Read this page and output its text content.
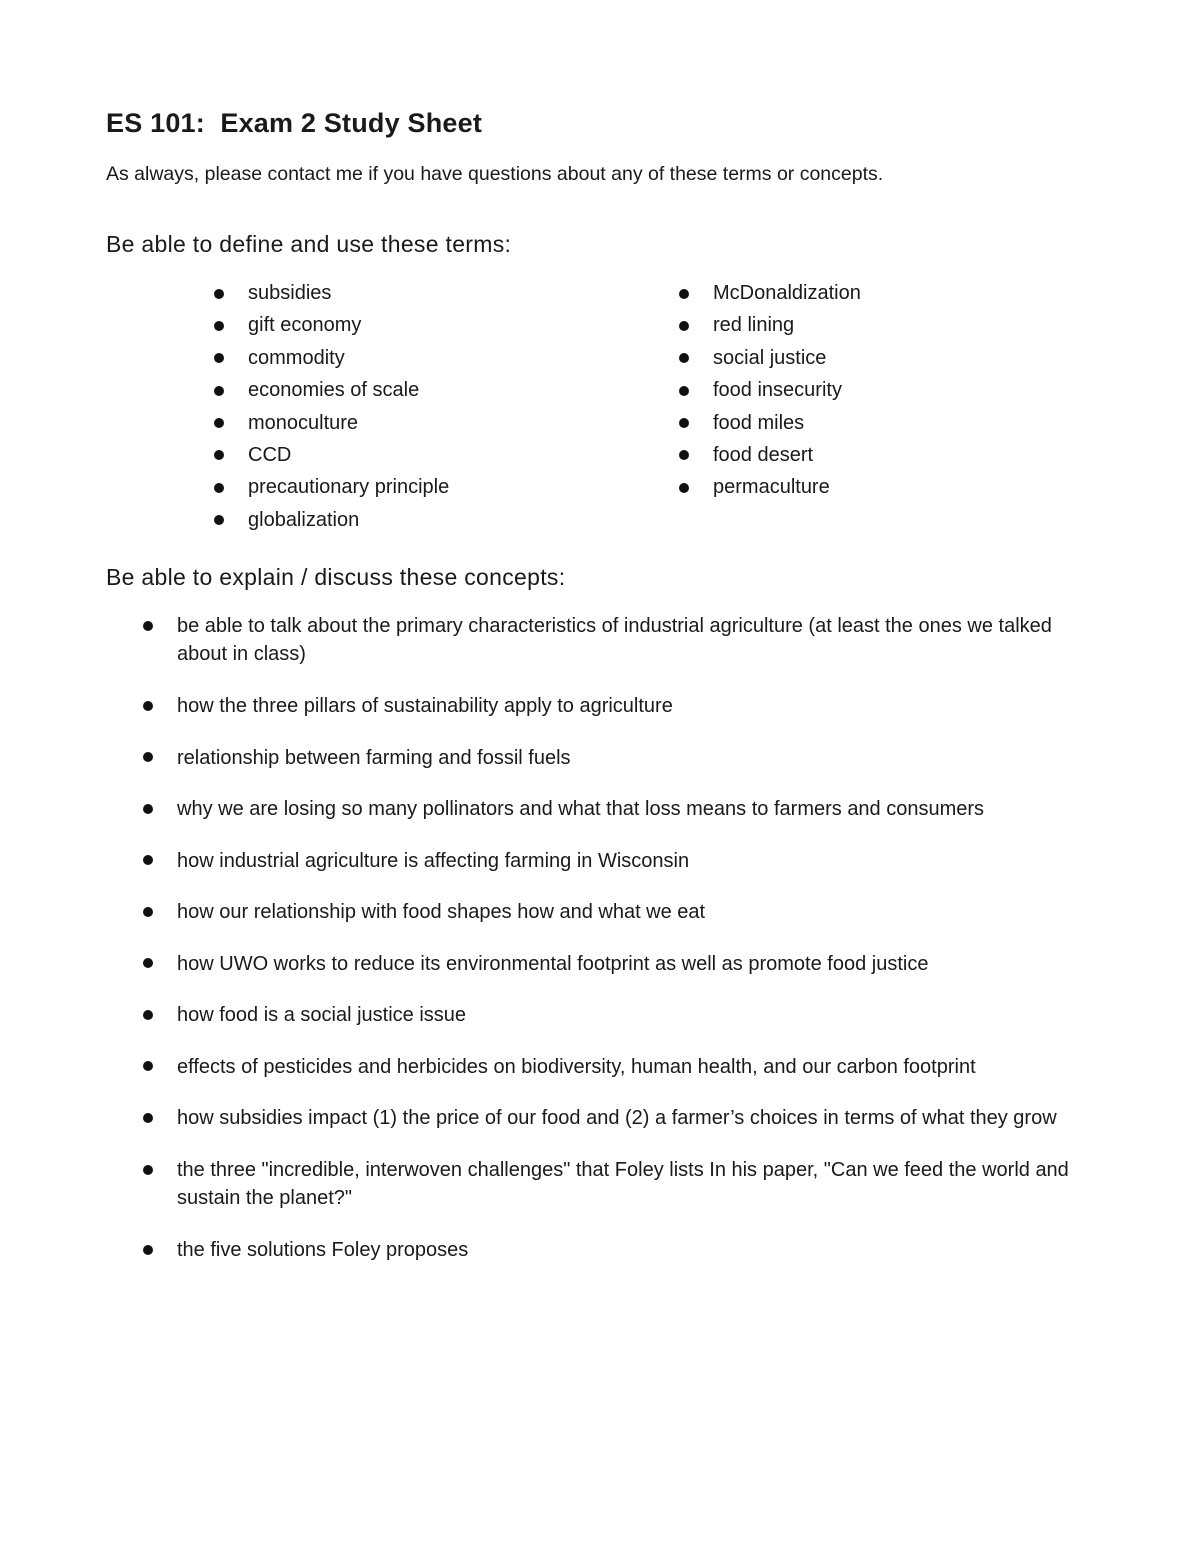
ES 101:  Exam 2 Study Sheet
As always, please contact me if you have questions about any of these terms or concepts.
Be able to define and use these terms:
subsidies
gift economy
commodity
economies of scale
monoculture
CCD
precautionary principle
globalization
McDonaldization
red lining
social justice
food insecurity
food miles
food desert
permaculture
Be able to explain / discuss these concepts:
be able to talk about the primary characteristics of industrial agriculture (at least the ones we talked about in class)
how the three pillars of sustainability apply to agriculture
relationship between farming and fossil fuels
why we are losing so many pollinators and what that loss means to farmers and consumers
how industrial agriculture is affecting farming in Wisconsin
how our relationship with food shapes how and what we eat
how UWO works to reduce its environmental footprint as well as promote food justice
how food is a social justice issue
effects of pesticides and herbicides on biodiversity, human health, and our carbon footprint
how subsidies impact (1) the price of our food and (2) a farmer’s choices in terms of what they grow
the three "incredible, interwoven challenges" that Foley lists In his paper, "Can we feed the world and sustain the planet?"
the five solutions Foley proposes
